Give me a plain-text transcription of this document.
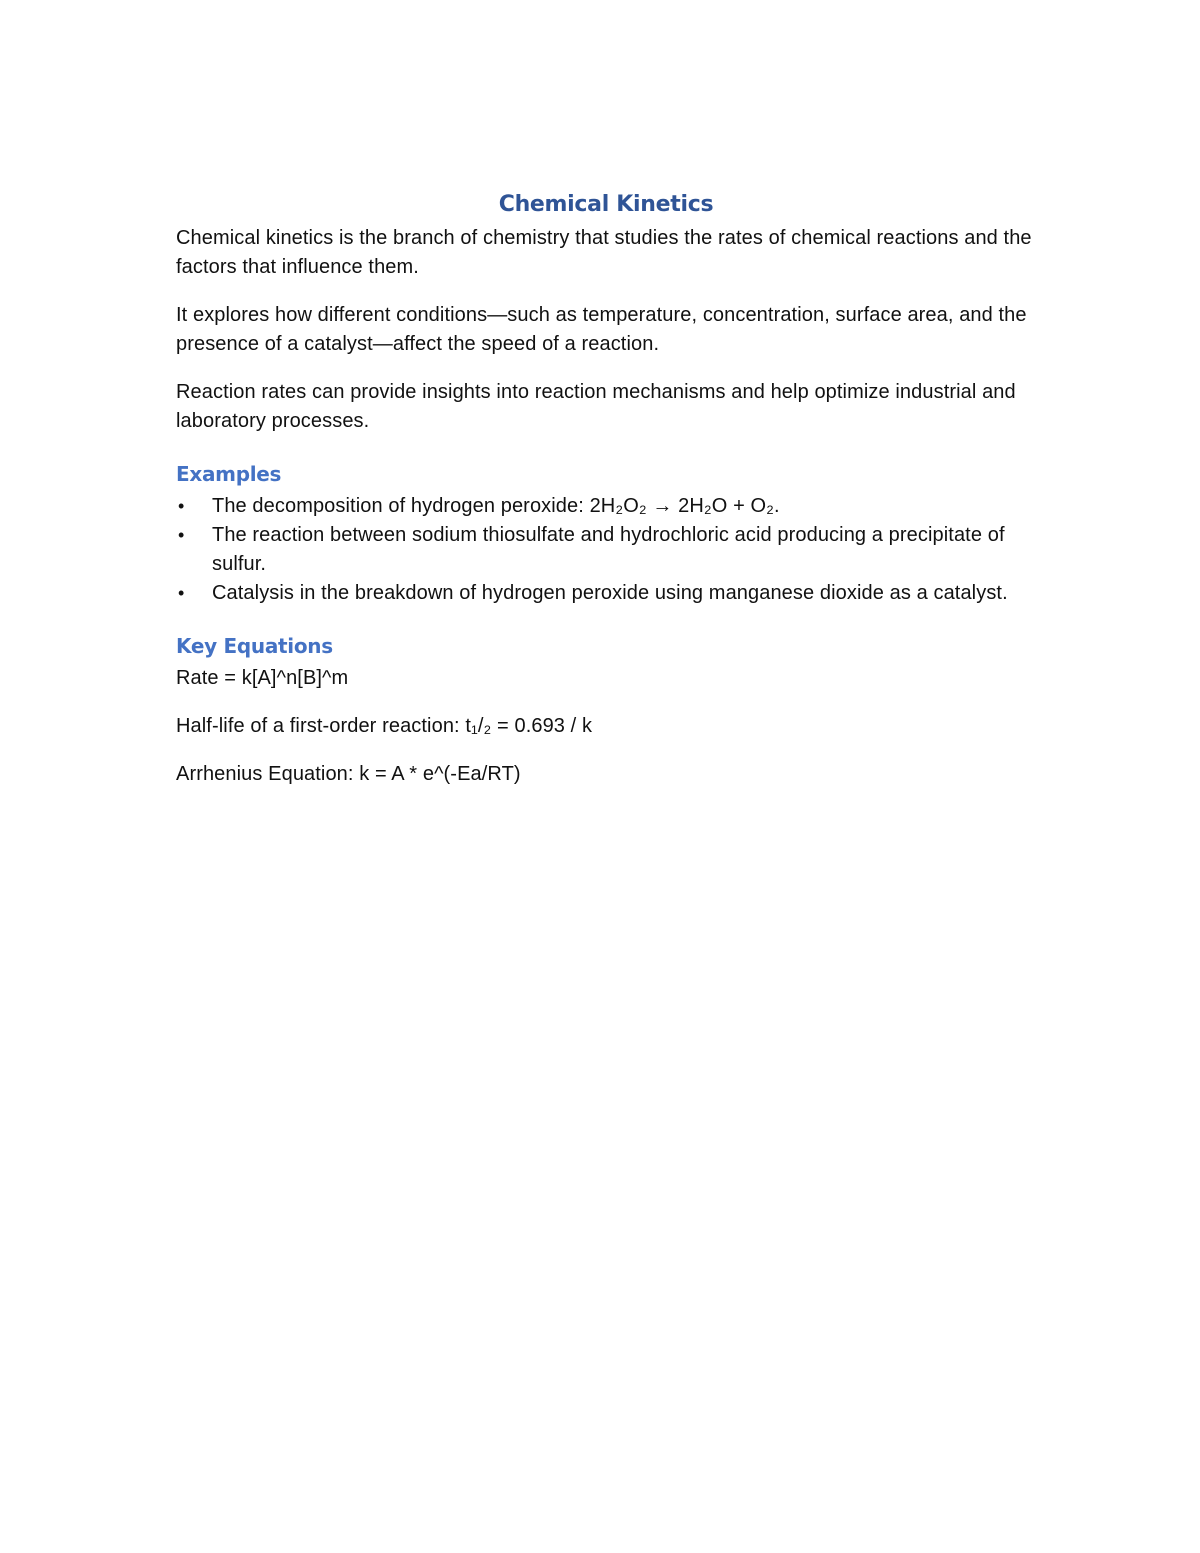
Chemical Kinetics

Chemical kinetics is the branch of chemistry that studies the rates of chemical reactions and the factors that influence them.

It explores how different conditions—such as temperature, concentration, surface area, and the presence of a catalyst—affect the speed of a reaction.

Reaction rates can provide insights into reaction mechanisms and help optimize industrial and laboratory processes.

Examples
• The decomposition of hydrogen peroxide: 2H₂O₂ → 2H₂O + O₂.
• The reaction between sodium thiosulfate and hydrochloric acid producing a precipitate of sulfur.
• Catalysis in the breakdown of hydrogen peroxide using manganese dioxide as a catalyst.
Key Equations
Rate = k[A]^n[B]^m
Half-life of a first-order reaction: t₁/₂ = 0.693 / k
Arrhenius Equation: k = A * e^(-Ea/RT)
